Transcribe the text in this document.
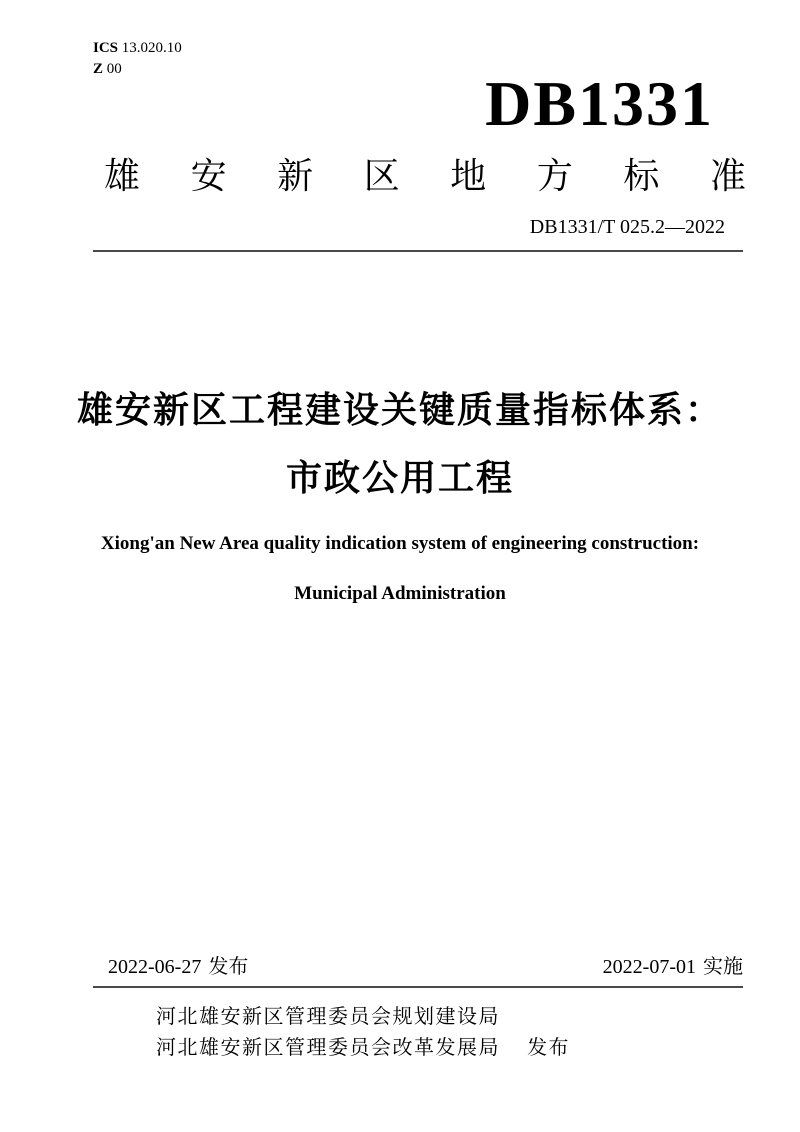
ICS 13.020.10
Z 00	DB1331
雄 安 新 区 地 方 标 准
DB1331/T 025.2—2022
雄安新区工程建设关键质量指标体系：
市政公用工程
Xiong'an New Area quality indication system of engineering construction:
Municipal Administration
2022-06-27 发布	2022-07-01 实施
河北雄安新区管理委员会规划建设局
河北雄安新区管理委员会改革发展局 发布
